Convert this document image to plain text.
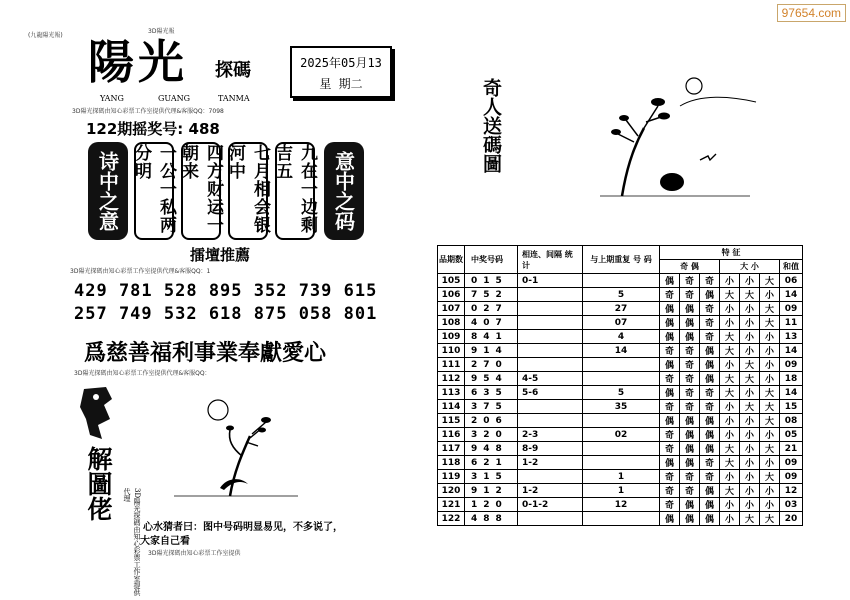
97654.com
(九龍陽光報)
3D陽光報
陽光 探碼
YANG	GUANG	TANMA
3D陽光探碼由知心彩票工作室提供代理&客服QQ：7098
2025年05月13
星 期二
122期摇奖号: 488
诗中之意	一公一私两分明	四方财运一朝来	七月相会银河中	九在一边剩吉五	意中之码
擂壇推薦
3D陽光探碼由知心彩票工作室提供代理&客服QQ：1
429 781 528 895 352 739 615
257 749 532 618 875 058 801
爲慈善福利事業奉獻愛心
3D陽光探碼由知心彩票工作室提供代理&客服QQ：
解圖佬
3D陽光探碼由知心彩票工作室提供代理
心水猜者曰：图中号码明显易见，不多说了，
大家自己看
3D陽光探碼由知心彩票工作室提供
奇人送碼圖
品期数	中奖号码	相连、间隔 统 计	与上期重复 号 码	特 征						
				奇 偶			大 小			和值
105	015	0-1		偶	奇	奇	小	小	大	06
106	752		5	奇	奇	偶	大	大	小	14
107	027		27	偶	偶	奇	小	小	大	09
108	407		07	偶	偶	奇	小	小	大	11
109	841		4	偶	偶	奇	大	小	小	13
110	914		14	奇	奇	偶	大	小	小	14
111	270			偶	奇	偶	小	大	小	09
112	954	4-5		奇	奇	偶	大	大	小	18
113	635	5-6	5	偶	奇	奇	大	小	大	14
114	375		35	奇	奇	奇	小	大	大	15
115	206			偶	偶	偶	小	小	大	08
116	320	2-3	02	奇	偶	偶	小	小	小	05
117	948	8-9		奇	偶	偶	大	小	大	21
118	621	1-2		偶	偶	奇	大	小	小	09
119	315		1	奇	奇	奇	小	小	大	09
120	912	1-2	1	奇	奇	偶	大	小	小	12
121	120	0-1-2	12	奇	偶	偶	小	小	小	03
122	488			偶	偶	偶	小	大	大	20
